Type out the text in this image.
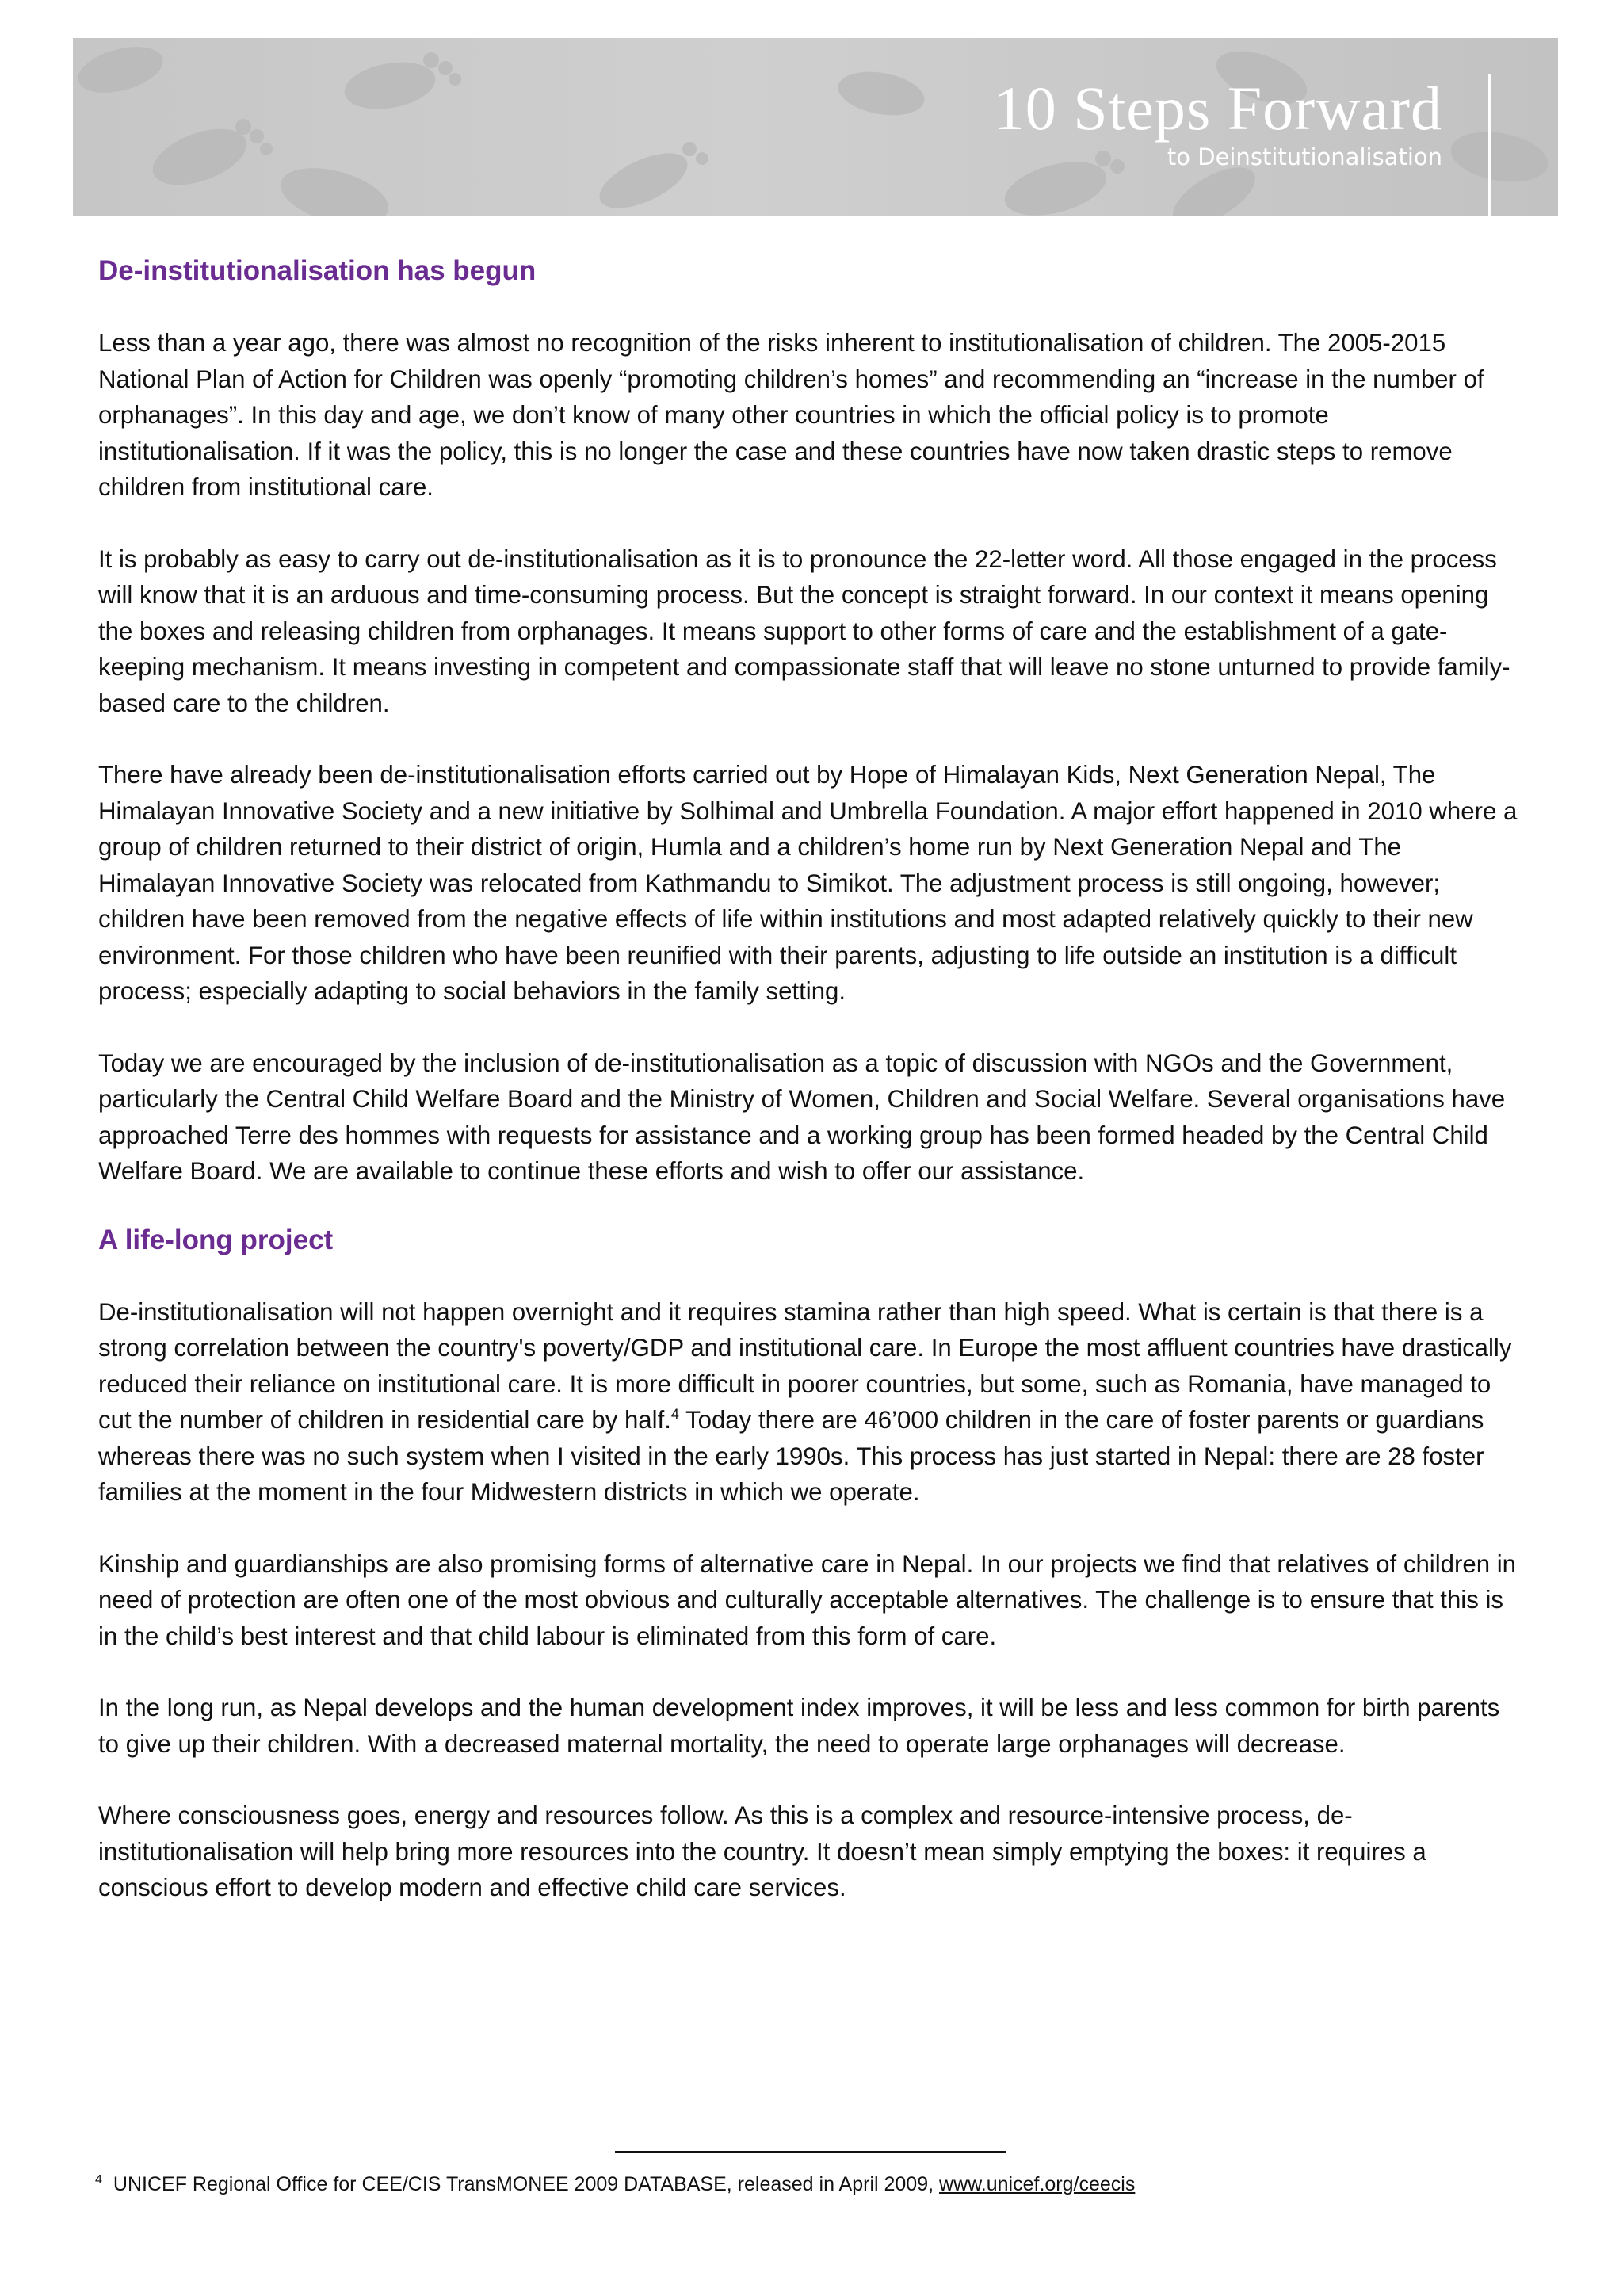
10 Steps Forward
to Deinstitutionalisation
De-institutionalisation has begun

Less than a year ago, there was almost no recognition of the risks inherent to institutionalisation of children. The 2005-2015 National Plan of Action for Children was openly “promoting children’s homes” and recommending an “increase in the number of orphanages”. In this day and age, we don’t know of many other countries in which the official policy is to promote institutionalisation. If it was the policy, this is no longer the case and these countries have now taken drastic steps to remove children from institutional care.

It is probably as easy to carry out de-institutionalisation as it is to pronounce the 22-letter word. All those engaged in the process will know that it is an arduous and time-consuming process. But the concept is straight forward. In our context it means opening the boxes and releasing children from orphanages. It means support to other forms of care and the establishment of a gate-keeping mechanism. It means investing in competent and compassionate staff that will leave no stone unturned to provide family-based care to the children.

There have already been de-institutionalisation efforts carried out by Hope of Himalayan Kids, Next Generation Nepal, The Himalayan Innovative Society and a new initiative by Solhimal and Umbrella Foundation. A major effort happened in 2010 where a group of children returned to their district of origin, Humla and a children’s home run by Next Generation Nepal and The Himalayan Innovative Society was relocated from Kathmandu to Simikot. The adjustment process is still ongoing, however; children have been removed from the negative effects of life within institutions and most adapted relatively quickly to their new environment. For those children who have been reunified with their parents, adjusting to life outside an institution is a difficult process; especially adapting to social behaviors in the family setting.

Today we are encouraged by the inclusion of de-institutionalisation as a topic of discussion with NGOs and the Government, particularly the Central Child Welfare Board and the Ministry of Women, Children and Social Welfare. Several organisations have approached Terre des hommes with requests for assistance and a working group has been formed headed by the Central Child Welfare Board. We are available to continue these efforts and wish to offer our assistance.

A life-long project

De-institutionalisation will not happen overnight and it requires stamina rather than high speed. What is certain is that there is a strong correlation between the country's poverty/GDP and institutional care. In Europe the most affluent countries have drastically reduced their reliance on institutional care. It is more difficult in poorer countries, but some, such as Romania, have managed to cut the number of children in residential care by half.$^4$ Today there are 46’000 children in the care of foster parents or guardians whereas there was no such system when I visited in the early 1990s. This process has just started in Nepal: there are 28 foster families at the moment in the four Midwestern districts in which we operate.

Kinship and guardianships are also promising forms of alternative care in Nepal. In our projects we find that relatives of children in need of protection are often one of the most obvious and culturally acceptable alternatives. The challenge is to ensure that this is in the child’s best interest and that child labour is eliminated from this form of care.

In the long run, as Nepal develops and the human development index improves, it will be less and less common for birth parents to give up their children. With a decreased maternal mortality, the need to operate large orphanages will decrease.

Where consciousness goes, energy and resources follow. As this is a complex and resource-intensive process, de-institutionalisation will help bring more resources into the country. It doesn’t mean simply emptying the boxes: it requires a conscious effort to develop modern and effective child care services.

$^4$ UNICEF Regional Office for CEE/CIS TransMONEE 2009 DATABASE, released in April 2009, www.unicef.org/ceecis
